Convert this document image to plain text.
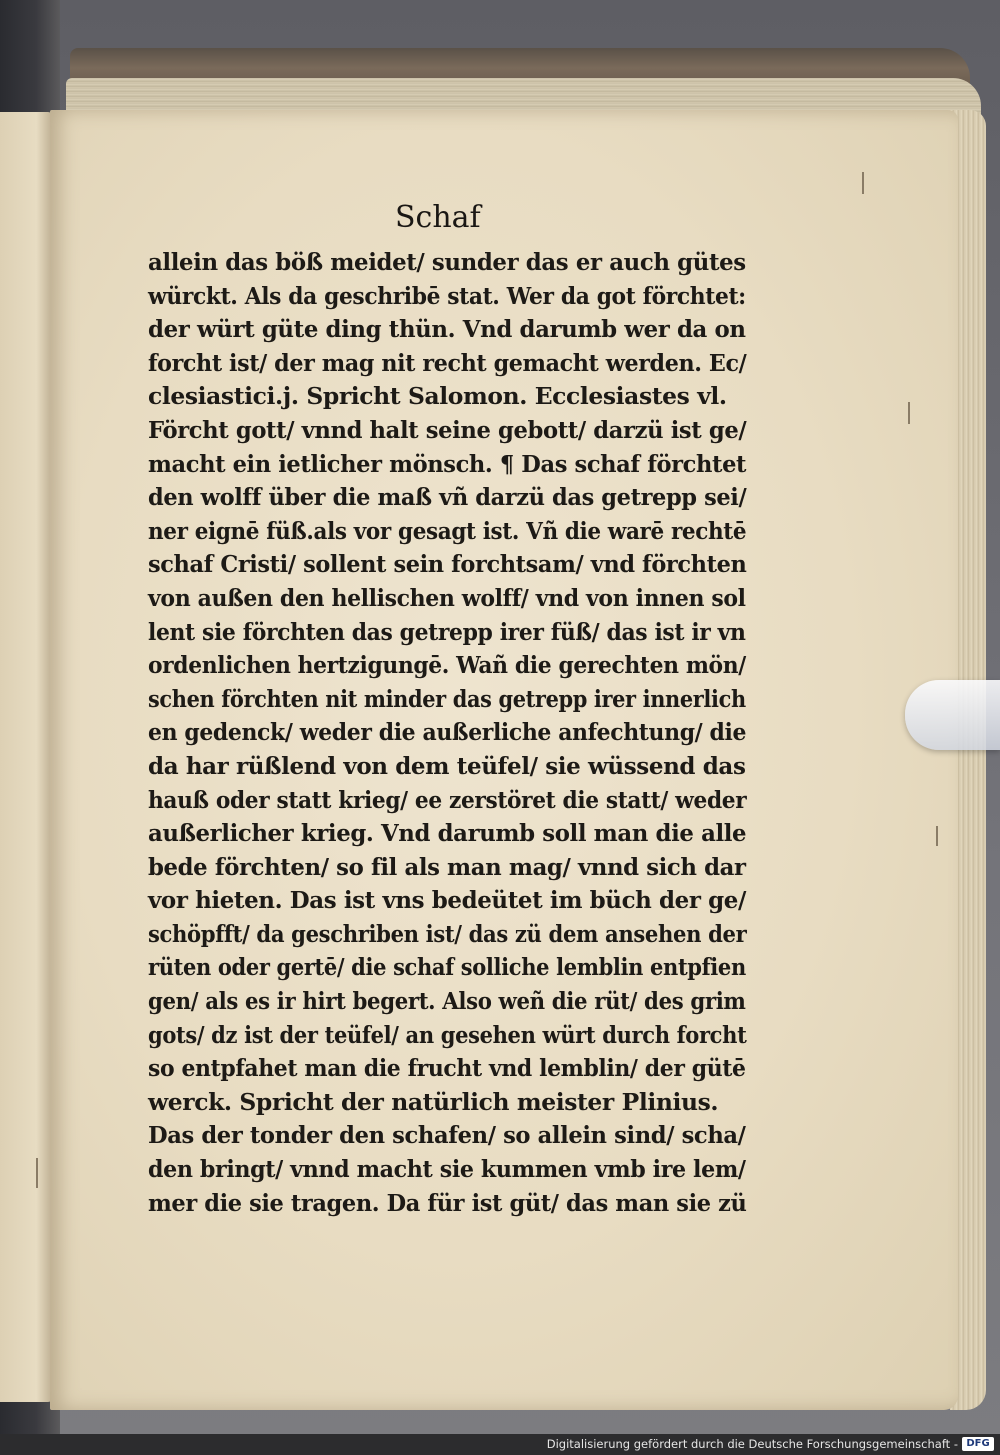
Schaf
allein das böß meidet/ sunder das er auch gütes
würckt. Als da geschribē stat. Wer da got förchtet:
der würt güte ding thün. Vnd darumb wer da on
forcht ist/ der mag nit recht gemacht werden. Ec/
clesiastici.j. Spricht Salomon. Ecclesiastes vl.
Förcht gott/ vnnd halt seine gebott/ darzü ist ge/
macht ein ietlicher mönsch. ¶ Das schaf förchtet
den wolff über die maß vñ darzü das getrepp sei/
ner eignē füß.als vor gesagt ist. Vñ die warē rechtē
schaf Cristi/ sollent sein forchtsam/ vnd förchten
von außen den hellischen wolff/ vnd von innen sol
lent sie förchten das getrepp irer füß/ das ist ir vn
ordenlichen hertzigungē. Wañ die gerechten mön/
schen förchten nit minder das getrepp irer innerlich
en gedenck/ weder die außerliche anfechtung/ die
da har rüßlend von dem teüfel/ sie wüssend das
hauß oder statt krieg/ ee zerstöret die statt/ weder
außerlicher krieg. Vnd darumb soll man die alle
bede förchten/ so fil als man mag/ vnnd sich dar
vor hieten. Das ist vns bedeütet im büch der ge/
schöpfft/ da geschriben ist/ das zü dem ansehen der
rüten oder gertē/ die schaf solliche lemblin entpfien
gen/ als es ir hirt begert. Also weñ die rüt/ des grim
gots/ dz ist der teüfel/ an gesehen würt durch forcht
so entpfahet man die frucht vnd lemblin/ der gütē
werck. Spricht der natürlich meister Plinius.
Das der tonder den schafen/ so allein sind/ scha/
den bringt/ vnnd macht sie kummen vmb ire lem/
mer die sie tragen. Da für ist güt/ das man sie zü
Digitalisierung gefördert durch die Deutsche Forschungsgemeinschaft - DFG
